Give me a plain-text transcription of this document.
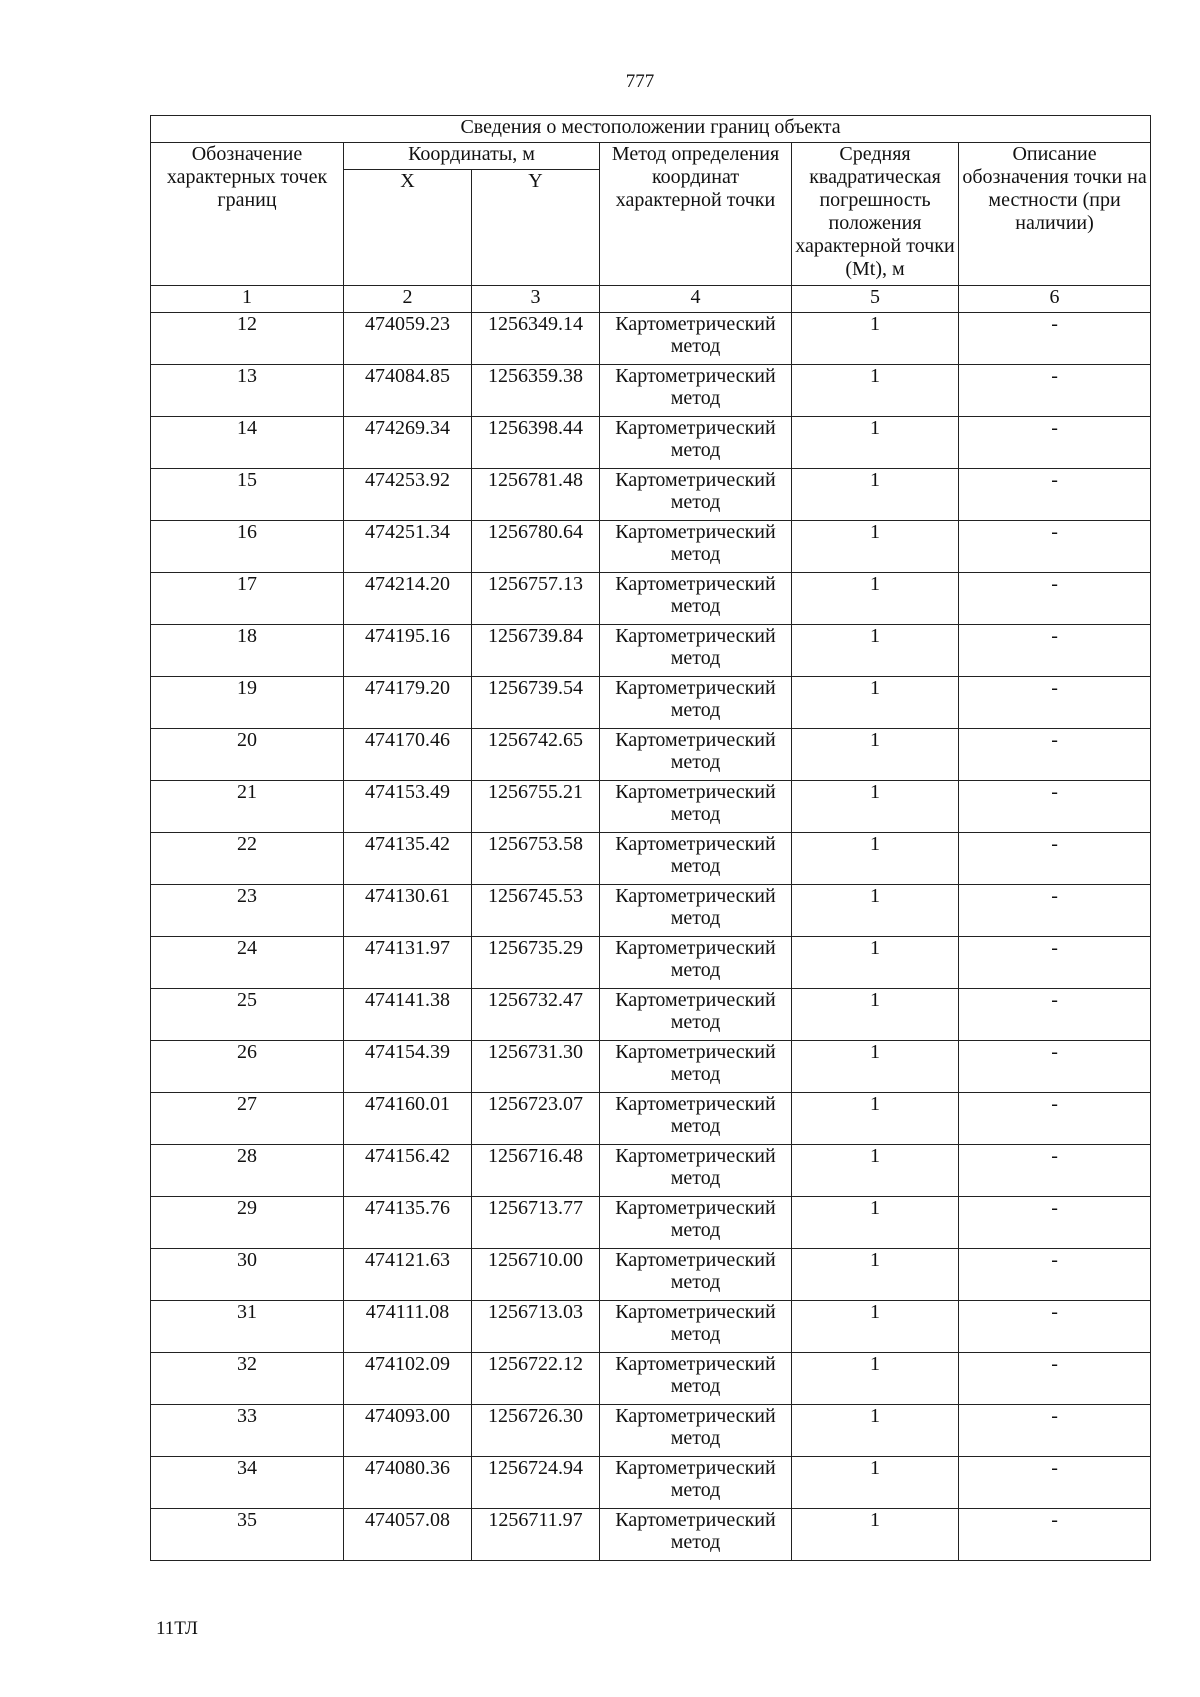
777
Сведения о местоположении границ объекта					
Обозначение характерных точек границ	Координаты, м		Метод определения координат характерной точки	Средняя квадратическая погрешность положения характерной точки (Mt), м	Описание обозначения точки на местности (при наличии)
	X	Y			
1	2	3	4	5	6
12	474059.23	1256349.14	Картометрический метод	1	-
13	474084.85	1256359.38	Картометрический метод	1	-
14	474269.34	1256398.44	Картометрический метод	1	-
15	474253.92	1256781.48	Картометрический метод	1	-
16	474251.34	1256780.64	Картометрический метод	1	-
17	474214.20	1256757.13	Картометрический метод	1	-
18	474195.16	1256739.84	Картометрический метод	1	-
19	474179.20	1256739.54	Картометрический метод	1	-
20	474170.46	1256742.65	Картометрический метод	1	-
21	474153.49	1256755.21	Картометрический метод	1	-
22	474135.42	1256753.58	Картометрический метод	1	-
23	474130.61	1256745.53	Картометрический метод	1	-
24	474131.97	1256735.29	Картометрический метод	1	-
25	474141.38	1256732.47	Картометрический метод	1	-
26	474154.39	1256731.30	Картометрический метод	1	-
27	474160.01	1256723.07	Картометрический метод	1	-
28	474156.42	1256716.48	Картометрический метод	1	-
29	474135.76	1256713.77	Картометрический метод	1	-
30	474121.63	1256710.00	Картометрический метод	1	-
31	474111.08	1256713.03	Картометрический метод	1	-
32	474102.09	1256722.12	Картометрический метод	1	-
33	474093.00	1256726.30	Картометрический метод	1	-
34	474080.36	1256724.94	Картометрический метод	1	-
35	474057.08	1256711.97	Картометрический метод	1	-
11ТЛ
